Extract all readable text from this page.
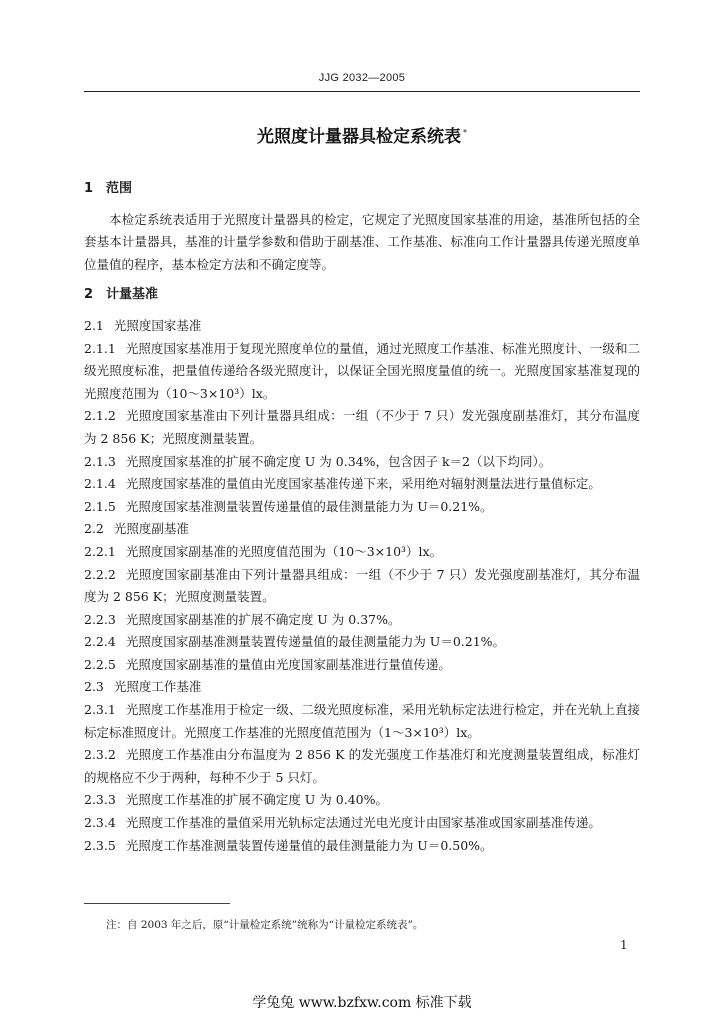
JJG 2032—2005
光照度计量器具检定系统表 *

1　范围

本检定系统表适用于光照度计量器具的检定，它规定了光照度国家基准的用途，基准所包括的全套基本计量器具，基准的计量学参数和借助于副基准、工作基准、标准向工作计量器具传递光照度单位量值的程序，基本检定方法和不确定度等。

2　计量基准

2.1 光照度国家基准

2.1.1 光照度国家基准用于复现光照度单位的量值，通过光照度工作基准、标准光照度计、一级和二级光照度标准，把量值传递给各级光照度计，以保证全国光照度量值的统一。光照度国家基准复现的光照度范围为（10～3×10³）lx。

2.1.2 光照度国家基准由下列计量器具组成：一组（不少于 7 只）发光强度副基准灯，其分布温度为 2 856 K；光照度测量装置。

2.1.3 光照度国家基准的扩展不确定度 U 为 0.34%，包含因子 k＝2（以下均同）。

2.1.4 光照度国家基准的量值由光度国家基准传递下来，采用绝对辐射测量法进行量值标定。

2.1.5 光照度国家基准测量装置传递量值的最佳测量能力为 U＝0.21%。

2.2 光照度副基准

2.2.1 光照度国家副基准的光照度值范围为（10～3×10³）lx。

2.2.2 光照度国家副基准由下列计量器具组成：一组（不少于 7 只）发光强度副基准灯，其分布温度为 2 856 K；光照度测量装置。

2.2.3 光照度国家副基准的扩展不确定度 U 为 0.37%。

2.2.4 光照度国家副基准测量装置传递量值的最佳测量能力为 U＝0.21%。

2.2.5 光照度国家副基准的量值由光度国家副基准进行量值传递。

2.3 光照度工作基准

2.3.1 光照度工作基准用于检定一级、二级光照度标准，采用光轨标定法进行检定，并在光轨上直接标定标准照度计。光照度工作基准的光照度值范围为（1～3×10³）lx。

2.3.2 光照度工作基准由分布温度为 2 856 K 的发光强度工作基准灯和光度测量装置组成，标准灯的规格应不少于两种，每种不少于 5 只灯。

2.3.3 光照度工作基准的扩展不确定度 U 为 0.40%。

2.3.4 光照度工作基准的量值采用光轨标定法通过光电光度计由国家基准或国家副基准传递。

2.3.5 光照度工作基准测量装置传递量值的最佳测量能力为 U＝0.50%。

注：自 2003 年之后，原“计量检定系统”统称为“计量检定系统表”。
1
学兔兔 www.bzfxw.com 标准下载
